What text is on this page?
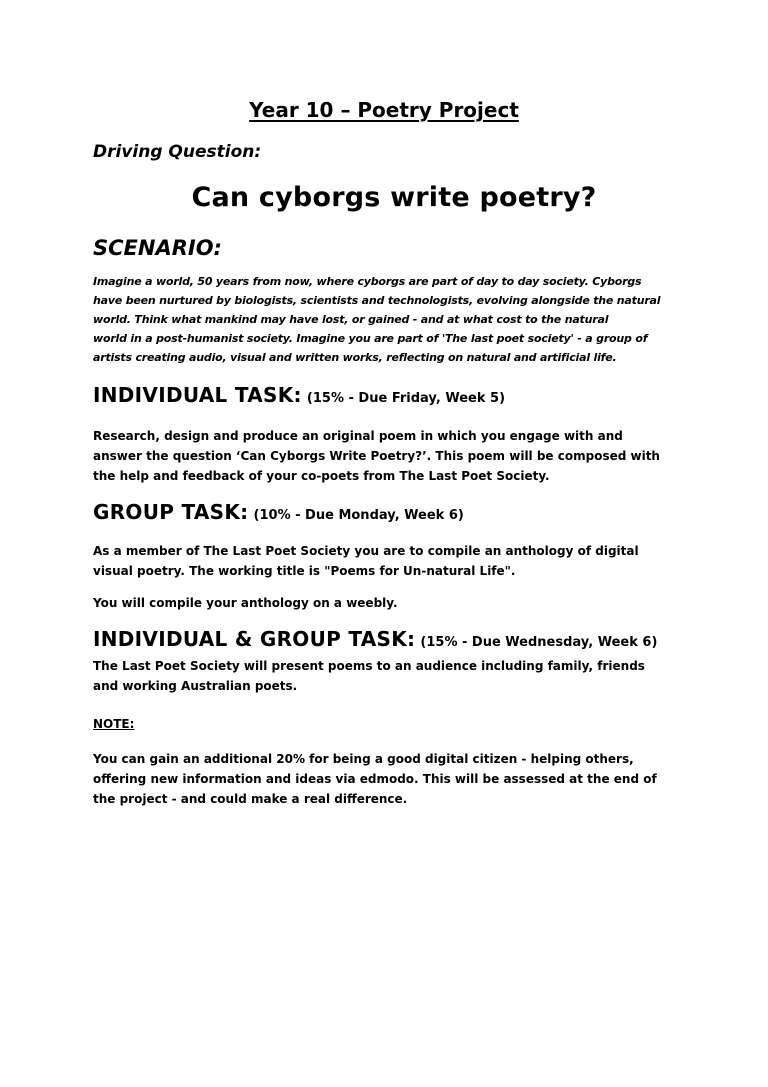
Year 10 – Poetry Project
Driving Question:
Can cyborgs write poetry?
SCENARIO:
Imagine a world, 50 years from now, where cyborgs are part of day to day society. Cyborgs
have been nurtured by biologists, scientists and technologists, evolving alongside the natural
world. Think what mankind may have lost, or gained - and at what cost to the natural
world in a post-humanist society. Imagine you are part of 'The last poet society' - a group of
artists creating audio, visual and written works, reflecting on natural and artificial life.
INDIVIDUAL TASK: (15% - Due Friday, Week 5)
Research, design and produce an original poem in which you engage with and
answer the question ‘Can Cyborgs Write Poetry?’. This poem will be composed with
the help and feedback of your co-poets from The Last Poet Society.
GROUP TASK: (10% - Due Monday, Week 6)
As a member of The Last Poet Society you are to compile an anthology of digital
visual poetry. The working title is "Poems for Un-natural Life".
You will compile your anthology on a weebly.
INDIVIDUAL & GROUP TASK: (15% - Due Wednesday, Week 6)
The Last Poet Society will present poems to an audience including family, friends
and working Australian poets.
NOTE:
You can gain an additional 20% for being a good digital citizen - helping others,
offering new information and ideas via edmodo. This will be assessed at the end of
the project - and could make a real difference.
